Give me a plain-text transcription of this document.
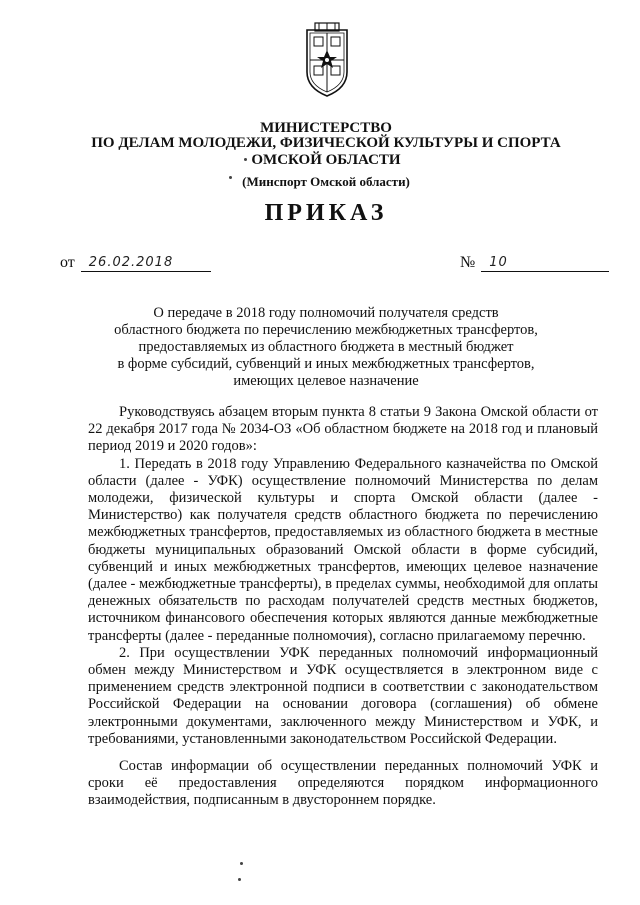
МИНИСТЕРСТВО
ПО ДЕЛАМ МОЛОДЕЖИ, ФИЗИЧЕСКОЙ КУЛЬТУРЫ И СПОРТА
ОМСКОЙ ОБЛАСТИ
(Минспорт Омской области)
ПРИКАЗ
от 26.02.2018	№ 10
О передаче в 2018 году полномочий получателя средств
областного бюджета по перечислению межбюджетных трансфертов,
предоставляемых из областного бюджета в местный бюджет
в форме субсидий, субвенций и иных межбюджетных трансфертов,
имеющих целевое назначение

Руководствуясь абзацем вторым пункта 8 статьи 9 Закона Омской области от 22 декабря 2017 года № 2034-ОЗ «Об областном бюджете на 2018 год и плановый период 2019 и 2020 годов»:

1. Передать в 2018 году Управлению Федерального казначейства по Омской области (далее - УФК) осуществление полномочий Министерства по делам молодежи, физической культуры и спорта Омской области (далее - Министерство) как получателя средств областного бюджета по перечислению межбюджетных трансфертов, предоставляемых из областного бюджета в местные бюджеты муниципальных образований Омской области в форме субсидий, субвенций и иных межбюджетных трансфертов, имеющих целевое назначение (далее - межбюджетные трансферты), в пределах суммы, необходимой для оплаты денежных обязательств по расходам получателей средств местных бюджетов, источником финансового обеспечения которых являются данные межбюджетные трансферты (далее - переданные полномочия), согласно прилагаемому перечню.

2. При осуществлении УФК переданных полномочий информационный обмен между Министерством и УФК осуществляется в электронном виде с применением средств электронной подписи в соответствии с законодательством Российской Федерации на основании договора (соглашения) об обмене электронными документами, заключенного между Министерством и УФК, и требованиями, установленными законодательством Российской Федерации.

Состав информации об осуществлении переданных полномочий УФК и сроки её предоставления определяются порядком информационного взаимодействия, подписанным в двустороннем порядке.
